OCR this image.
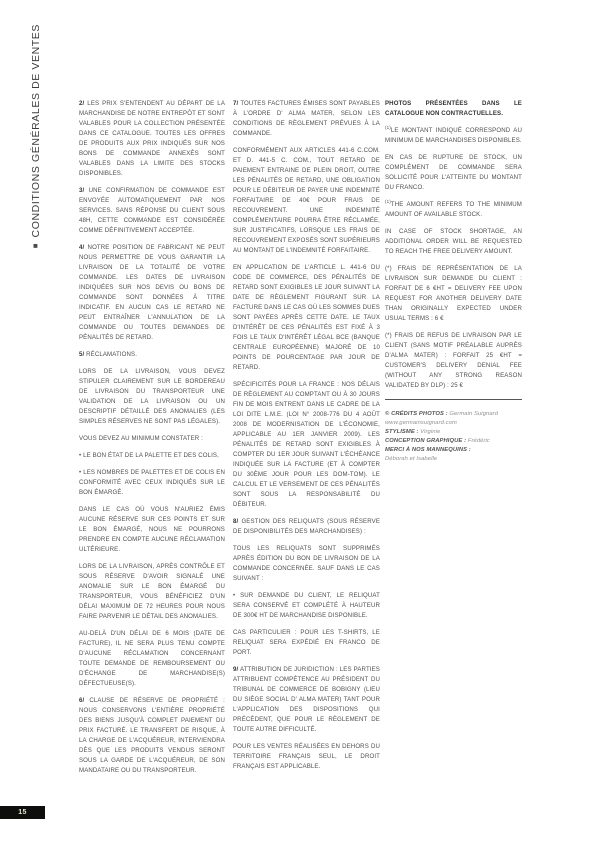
■ CONDITIONS GÉNÉRALES DE VENTES	2/ LES PRIX S'ENTENDENT AU DÉPART DE LA MARCHANDISE DE NOTRE ENTREPÔT ET SONT VALABLES POUR LA COLLECTION PRÉSENTÉE DANS CE CATALOGUE. TOUTES LES OFFRES DE PRODUITS AUX PRIX INDIQUÉS SUR NOS BONS DE COMMANDE ANNEXÉS SONT VALABLES DANS LA LIMITE DES STOCKS DISPONIBLES.

3/ UNE CONFIRMATION DE COMMANDE EST ENVOYÉE AUTOMATIQUEMENT PAR NOS SERVICES. SANS RÉPONSE DU CLIENT SOUS 48H, CETTE COMMANDE EST CONSIDÉRÉE COMME DÉFINITIVEMENT ACCEPTÉE.

4/ NOTRE POSITION DE FABRICANT NE PEUT NOUS PERMETTRE DE VOUS GARANTIR LA LIVRAISON DE LA TOTALITÉ DE VOTRE COMMANDE. LES DATES DE LIVRAISON INDIQUÉES SUR NOS DEVIS OU BONS DE COMMANDE SONT DONNÉES À TITRE INDICATIF. EN AUCUN CAS LE RETARD NE PEUT ENTRAÎNER L'ANNULATION DE LA COMMANDE OU TOUTES DEMANDES DE PÉNALITÉS DE RETARD.

5/ RÉCLAMATIONS.

LORS DE LA LIVRAISON, VOUS DEVEZ STIPULER CLAIREMENT SUR LE BORDEREAU DE LIVRAISON DU TRANSPORTEUR UNE VALIDATION DE LA LIVRAISON OU UN DESCRIPTIF DÉTAILLÉ DES ANOMALIES (LES SIMPLES RÉSERVES NE SONT PAS LÉGALES).

VOUS DEVEZ AU MINIMUM CONSTATER :

• LE BON ÉTAT DE LA PALETTE ET DES COLIS,

• LES NOMBRES DE PALETTES ET DE COLIS EN CONFORMITÉ AVEC CEUX INDIQUÉS SUR LE BON ÉMARGÉ.

DANS LE CAS OÙ VOUS N'AURIEZ ÉMIS AUCUNE RÉSERVE SUR CES POINTS ET SUR LE BON ÉMARGÉ, NOUS NE POURRONS PRENDRE EN COMPTE AUCUNE RÉCLAMATION ULTÉRIEURE.

LORS DE LA LIVRAISON, APRÈS CONTRÔLE ET SOUS RÉSERVE D'AVOIR SIGNALÉ UNE ANOMALIE SUR LE BON ÉMARGÉ DU TRANSPORTEUR, VOUS BÉNÉFICIEZ D'UN DÉLAI MAXIMUM DE 72 HEURES POUR NOUS FAIRE PARVENIR LE DÉTAIL DES ANOMALIES.

AU-DELÀ D'UN DÉLAI DE 6 MOIS (DATE DE FACTURE), IL NE SERA PLUS TENU COMPTE D'AUCUNE RÉCLAMATION CONCERNANT TOUTE DEMANDE DE REMBOURSEMENT OU D'ÉCHANGE DE MARCHANDISE(S) DÉFECTUEUSE(S).

6/ CLAUSE DE RÉSERVE DE PROPRIÉTÉ : NOUS CONSERVONS L'ENTIÈRE PROPRIÉTÉ DES BIENS JUSQU'À COMPLET PAIEMENT DU PRIX FACTURÉ. LE TRANSFERT DE RISQUE, À LA CHARGE DE L'ACQUÉREUR, INTERVIENDRA DÈS QUE LES PRODUITS VENDUS SERONT SOUS LA GARDE DE L'ACQUÉREUR, DE SON MANDATAIRE OU DU TRANSPORTEUR.

7/ TOUTES FACTURES ÉMISES SONT PAYABLES À L'ORDRE D' ALMA MATER, SELON LES CONDITIONS DE RÈGLEMENT PRÉVUES À LA COMMANDE.

CONFORMÉMENT AUX ARTICLES 441-6 C.COM. ET D. 441-5 C. COM., TOUT RETARD DE PAIEMENT ENTRAINE DE PLEIN DROIT, OUTRE LES PÉNALITÉS DE RETARD, UNE OBLIGATION POUR LE DÉBITEUR DE PAYER UNE INDEMNITÉ FORFAITAIRE DE 40€ POUR FRAIS DE RECOUVREMENT. UNE INDEMNITÉ COMPLÉMENTAIRE POURRA ÊTRE RÉCLAMÉE, SUR JUSTIFICATIFS, LORSQUE LES FRAIS DE RECOUVREMENT EXPOSÉS SONT SUPÉRIEURS AU MONTANT DE L'INDEMNITÉ FORFAITAIRE.

EN APPLICATION DE L'ARTICLE L. 441-6 DU CODE DE COMMERCE, DES PÉNALITÉS DE RETARD SONT EXIGIBLES LE JOUR SUIVANT LA DATE DE RÈGLEMENT FIGURANT SUR LA FACTURE DANS LE CAS OÙ LES SOMMES DUES SONT PAYÉES APRÈS CETTE DATE. LE TAUX D'INTÉRÊT DE CES PÉNALITÉS EST FIXÉ À 3 FOIS LE TAUX D'INTÉRÊT LÉGAL BCE (BANQUE CENTRALE EUROPÉENNE) MAJORÉ DE 10 POINTS DE POURCENTAGE PAR JOUR DE RETARD.

SPÉCIFICITÉS POUR LA FRANCE : NOS DÉLAIS DE RÈGLEMENT AU COMPTANT OU À 30 JOURS FIN DE MOIS ENTRENT DANS LE CADRE DE LA LOI DITE L.M.E. (LOI N° 2008-776 DU 4 AOÛT 2008 DE MODERNISATION DE L'ÉCONOMIE, APPLICABLE AU 1ER JANVIER 2009). LES PÉNALITÉS DE RETARD SONT EXIGIBLES À COMPTER DU 1ER JOUR SUIVANT L'ÉCHÉANCE INDIQUÉE SUR LA FACTURE (ET À COMPTER DU 30ÈME JOUR POUR LES DOM-TOM). LE CALCUL ET LE VERSEMENT DE CES PÉNALITÉS SONT SOUS LA RESPONSABILITÉ DU DÉBITEUR.

8/ GESTION DES RELIQUATS (SOUS RÉSERVE DE DISPONIBILITÉS DES MARCHANDISES) :

TOUS LES RELIQUATS SONT SUPPRIMÉS APRÈS ÉDITION DU BON DE LIVRAISON DE LA COMMANDE CONCERNÉE. SAUF DANS LE CAS SUIVANT :

• SUR DEMANDE DU CLIENT, LE RELIQUAT SERA CONSERVÉ ET COMPLÉTÉ À HAUTEUR DE 300€ HT DE MARCHANDISE DISPONIBLE.

CAS PARTICULIER : POUR LES T-SHIRTS, LE RELIQUAT SERA EXPÉDIÉ EN FRANCO DE PORT.

9/ ATTRIBUTION DE JURIDICTION : LES PARTIES ATTRIBUENT COMPÉTENCE AU PRÉSIDENT DU TRIBUNAL DE COMMERCE DE BOBIGNY (LIEU DU SIÈGE SOCIAL D' ALMA MATER) TANT POUR L'APPLICATION DES DISPOSITIONS QUI PRÉCÈDENT, QUE POUR LE RÈGLEMENT DE TOUTE AUTRE DIFFICULTÉ.

POUR LES VENTES RÉALISÉES EN DEHORS DU TERRITOIRE FRANÇAIS SEUL, LE DROIT FRANÇAIS EST APPLICABLE.

PHOTOS PRÉSENTÉES DANS LE CATALOGUE NON CONTRACTUELLES.

$^{(1)}$LE MONTANT INDIQUÉ CORRESPOND AU MINIMUM DE MARCHANDISES DISPONIBLES.

EN CAS DE RUPTURE DE STOCK, UN COMPLÉMENT DE COMMANDE SERA SOLLICITÉ POUR L'ATTEINTE DU MONTANT DU FRANCO.

$^{(1)}$THE AMOUNT REFERS TO THE MINIMUM AMOUNT OF AVAILABLE STOCK.

IN CASE OF STOCK SHORTAGE, AN ADDITIONAL ORDER WILL BE REQUESTED TO REACH THE FREE DELIVERY AMOUNT.

(*) FRAIS DE REPRÉSENTATION DE LA LIVRAISON SUR DEMANDE DU CLIENT : FORFAIT DE 6 €HT = DELIVERY FEE UPON REQUEST FOR ANOTHER DELIVERY DATE THAN ORIGINALLY EXPECTED UNDER USUAL TERMS : 6 €

(*) FRAIS DE REFUS DE LIVRAISON PAR LE CLIENT (SANS MOTIF PRÉALABLE AUPRÈS D'ALMA MATER) : FORFAIT 25 €HT = CUSTOMER'S DELIVERY DENIAL FEE (WITHOUT ANY STRONG REASON VALIDATED BY DLP) : 25 €

© CRÉDITS PHOTOS : Germain Suignard
www.germainsuignard.com
STYLISME : Virginie
CONCEPTION GRAPHIQUE : Frédéric
MERCI À NOS MANNEQUINS :
Déborah et Isabelle
15
